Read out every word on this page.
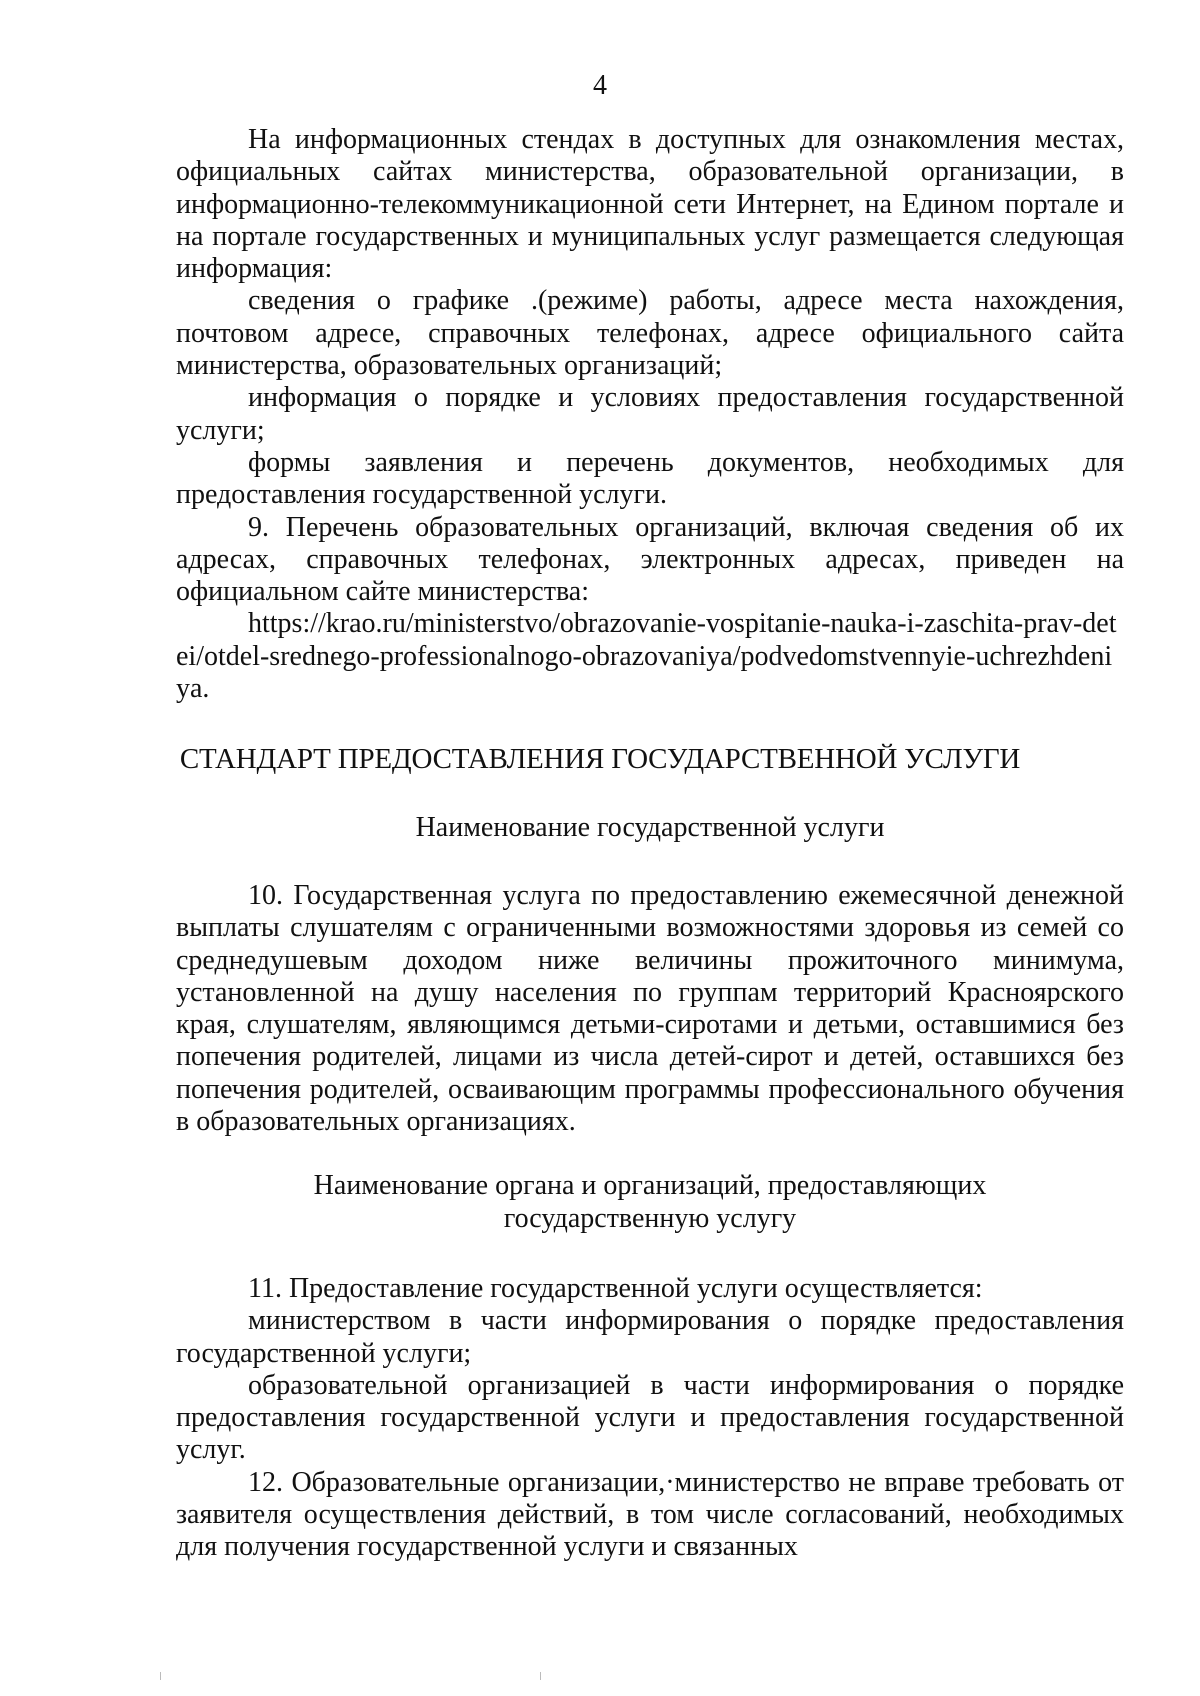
4

На информационных стендах в доступных для ознакомления местах, официальных сайтах министерства, образовательной организации, в информационно-телекоммуникационной сети Интернет, на Едином портале и на портале государственных и муниципальных услуг размещается следующая информация:

сведения о графике .(режиме) работы, адресе места нахождения, почтовом адресе, справочных телефонах, адресе официального сайта министерства, образовательных организаций;

информация о порядке и условиях предоставления государственной услуги;

формы заявления и перечень документов, необходимых для предоставления государственной услуги.

9. Перечень образовательных организаций, включая сведения об их адресах, справочных телефонах, электронных адресах, приведен на официальном сайте министерства:

https://krao.ru/ministerstvo/obrazovanie-vospitanie-nauka-i-zaschita-prav-detei/otdel-srednego-professionalnogo-obrazovaniya/podvedomstvennyie-uchrezhdeniya.

СТАНДАРТ ПРЕДОСТАВЛЕНИЯ ГОСУДАРСТВЕННОЙ УСЛУГИ
Наименование государственной услуги

10. Государственная услуга по предоставлению ежемесячной денежной выплаты слушателям с ограниченными возможностями здоровья из семей со среднедушевым доходом ниже величины прожиточного минимума, установленной на душу населения по группам территорий Красноярского края, слушателям, являющимся детьми-сиротами и детьми, оставшимися без попечения родителей, лицами из числа детей-сирот и детей, оставшихся без попечения родителей, осваивающим программы профессионального обучения в образовательных организациях.

Наименование органа и организаций, предоставляющих
государственную услугу

11. Предоставление государственной услуги осуществляется:

министерством в части информирования о порядке предоставления государственной услуги;

образовательной организацией в части информирования о порядке предоставления государственной услуги и предоставления государственной услуг.

12. Образовательные организации,·министерство не вправе требовать от заявителя осуществления действий, в том числе согласований, необходимых для получения государственной услуги и связанных
